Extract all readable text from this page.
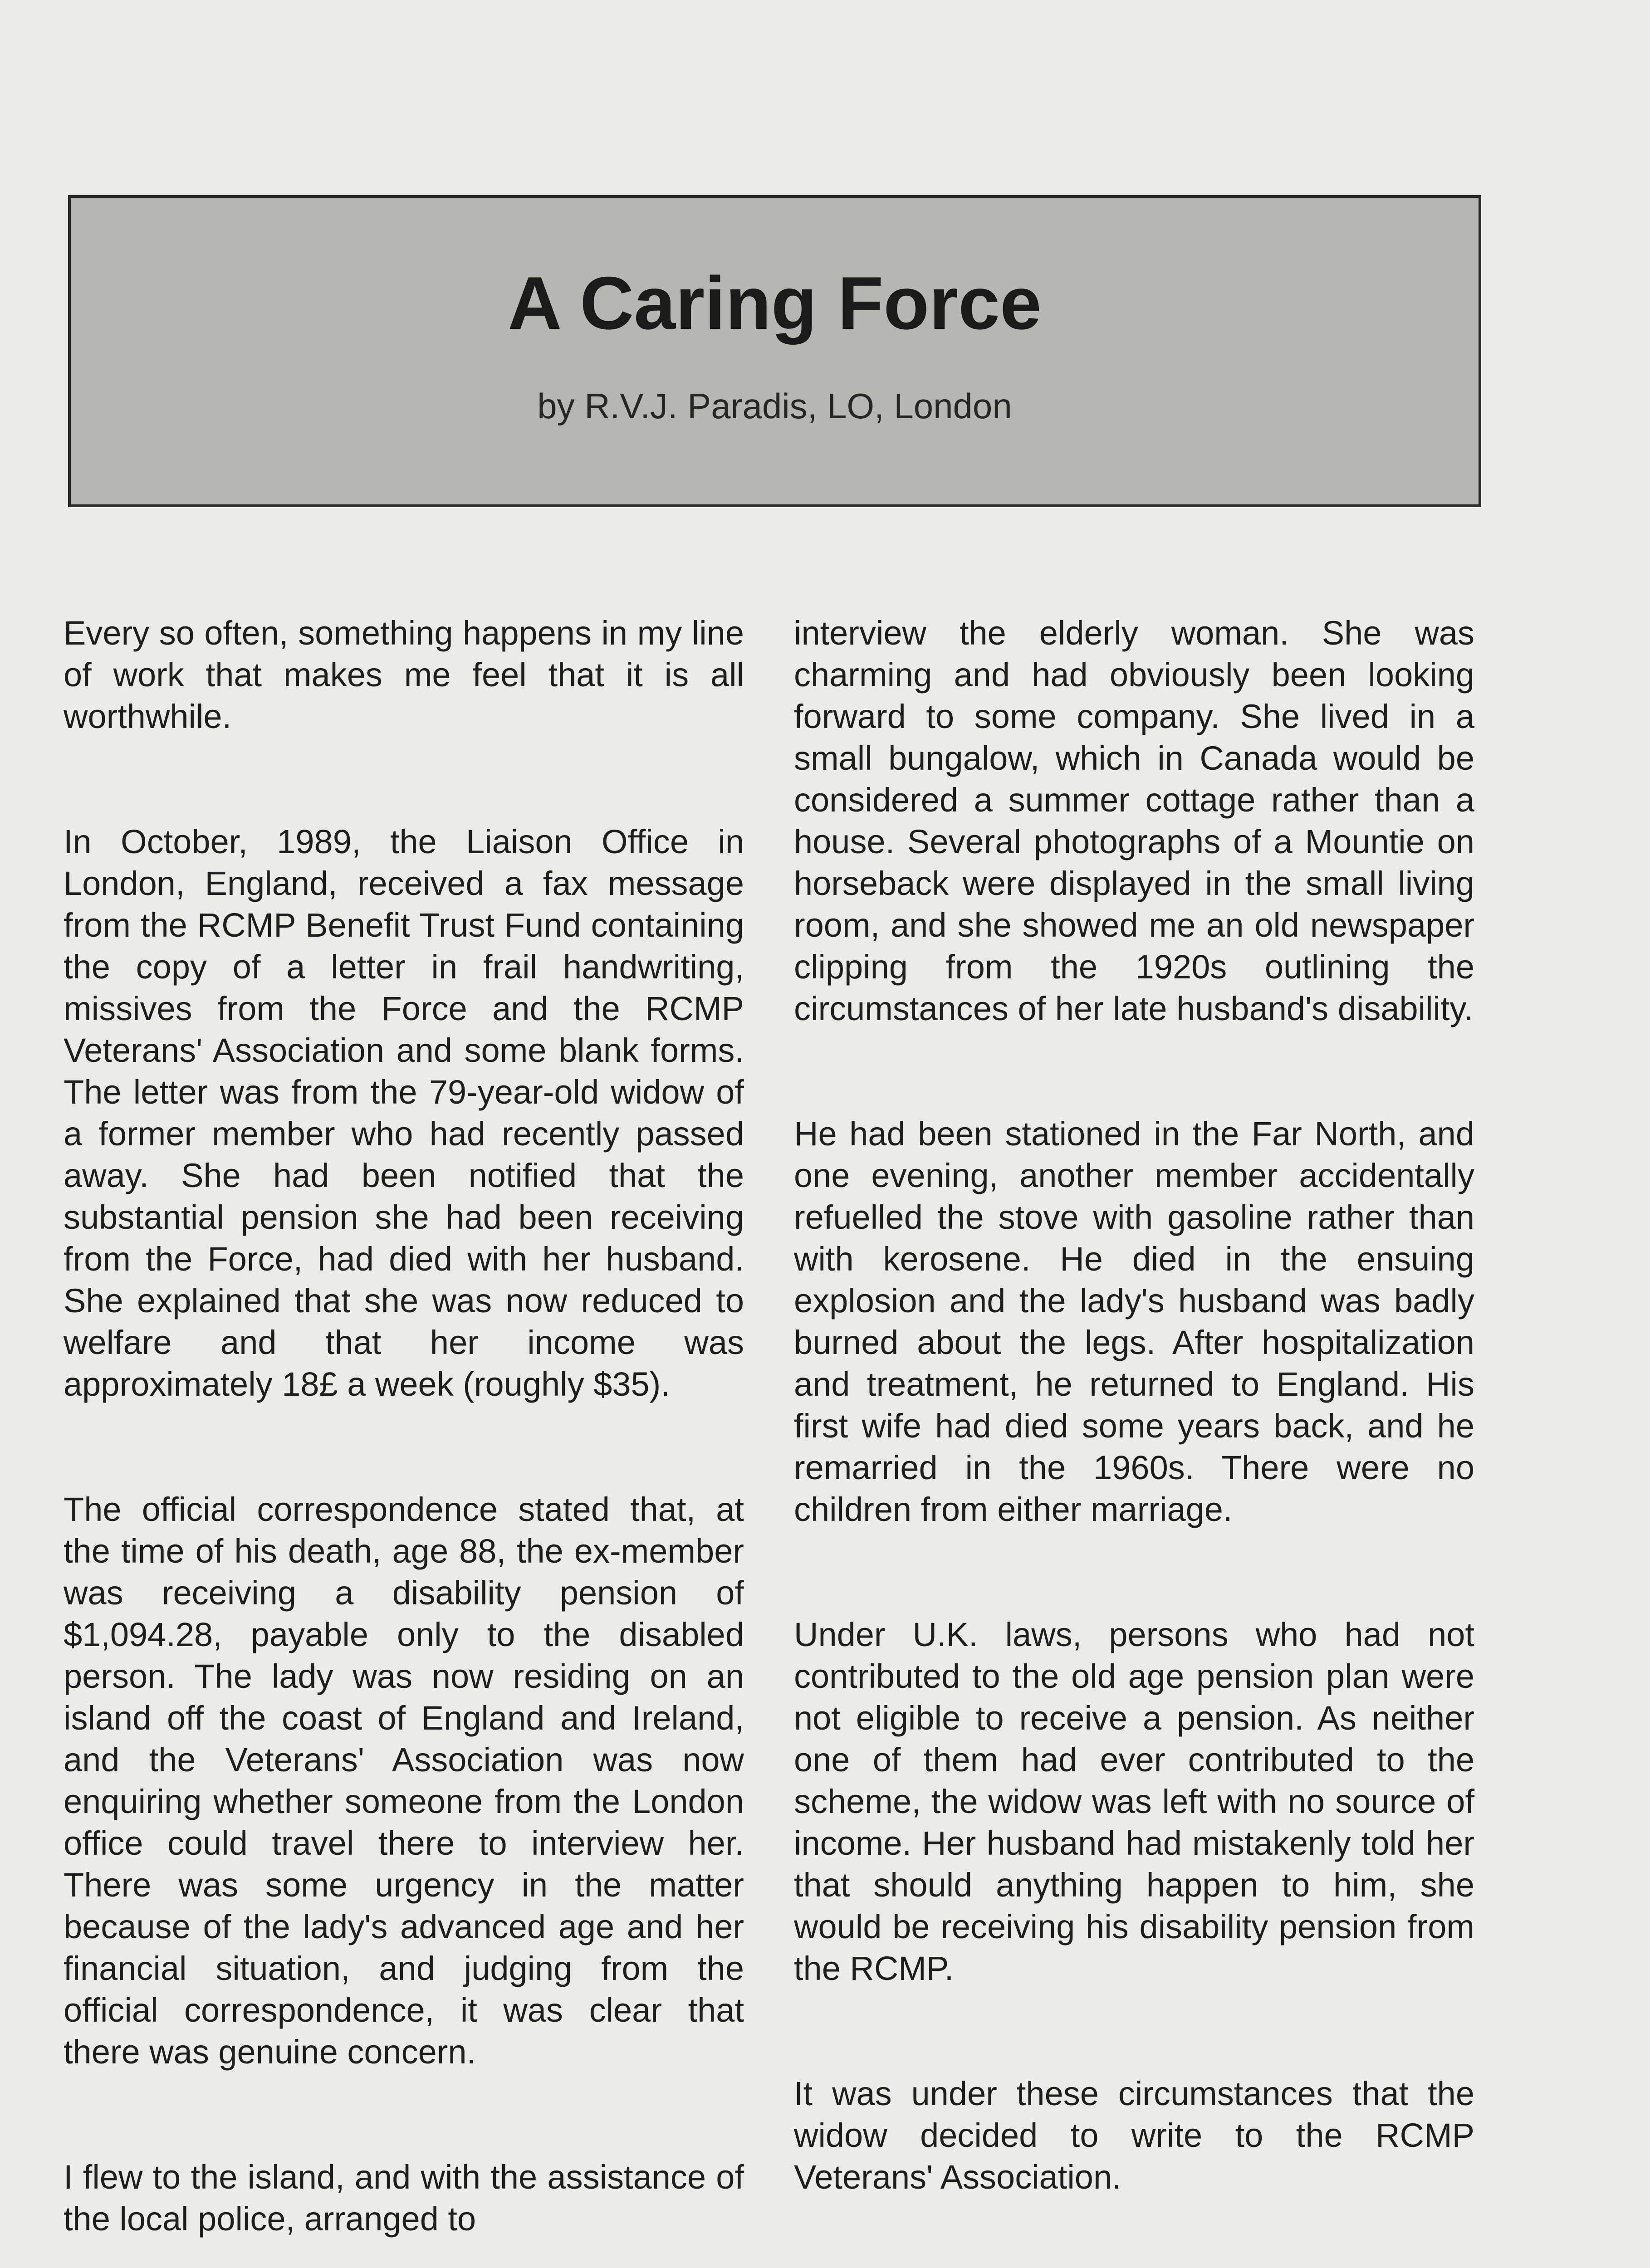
A Caring Force
by R.V.J. Paradis, LO, London

Every so often, something happens in my line of work that makes me feel that it is all worthwhile.

In October, 1989, the Liaison Office in London, England, received a fax message from the RCMP Benefit Trust Fund containing the copy of a letter in frail handwriting, missives from the Force and the RCMP Veterans' Association and some blank forms. The letter was from the 79-year-old widow of a former member who had recently passed away. She had been notified that the substantial pension she had been receiving from the Force, had died with her husband. She explained that she was now reduced to welfare and that her income was approximately 18£ a week (roughly $35).

The official correspondence stated that, at the time of his death, age 88, the ex-member was receiving a disability pension of $1,094.28, payable only to the disabled person. The lady was now residing on an island off the coast of England and Ireland, and the Veterans' Association was now enquiring whether someone from the London office could travel there to interview her. There was some urgency in the matter because of the lady's advanced age and her financial situation, and judging from the official correspondence, it was clear that there was genuine concern.

I flew to the island, and with the assistance of the local police, arranged to

interview the elderly woman. She was charming and had obviously been looking forward to some company. She lived in a small bungalow, which in Canada would be considered a summer cottage rather than a house. Several photographs of a Mountie on horseback were displayed in the small living room, and she showed me an old newspaper clipping from the 1920s outlining the circumstances of her late husband's disability.

He had been stationed in the Far North, and one evening, another member accidentally refuelled the stove with gasoline rather than with kerosene. He died in the ensuing explosion and the lady's husband was badly burned about the legs. After hospitalization and treatment, he returned to England. His first wife had died some years back, and he remarried in the 1960s. There were no children from either marriage.

Under U.K. laws, persons who had not contributed to the old age pension plan were not eligible to receive a pension. As neither one of them had ever contributed to the scheme, the widow was left with no source of income. Her husband had mistakenly told her that should anything happen to him, she would be receiving his disability pension from the RCMP.

It was under these circumstances that the widow decided to write to the RCMP Veterans' Association.
